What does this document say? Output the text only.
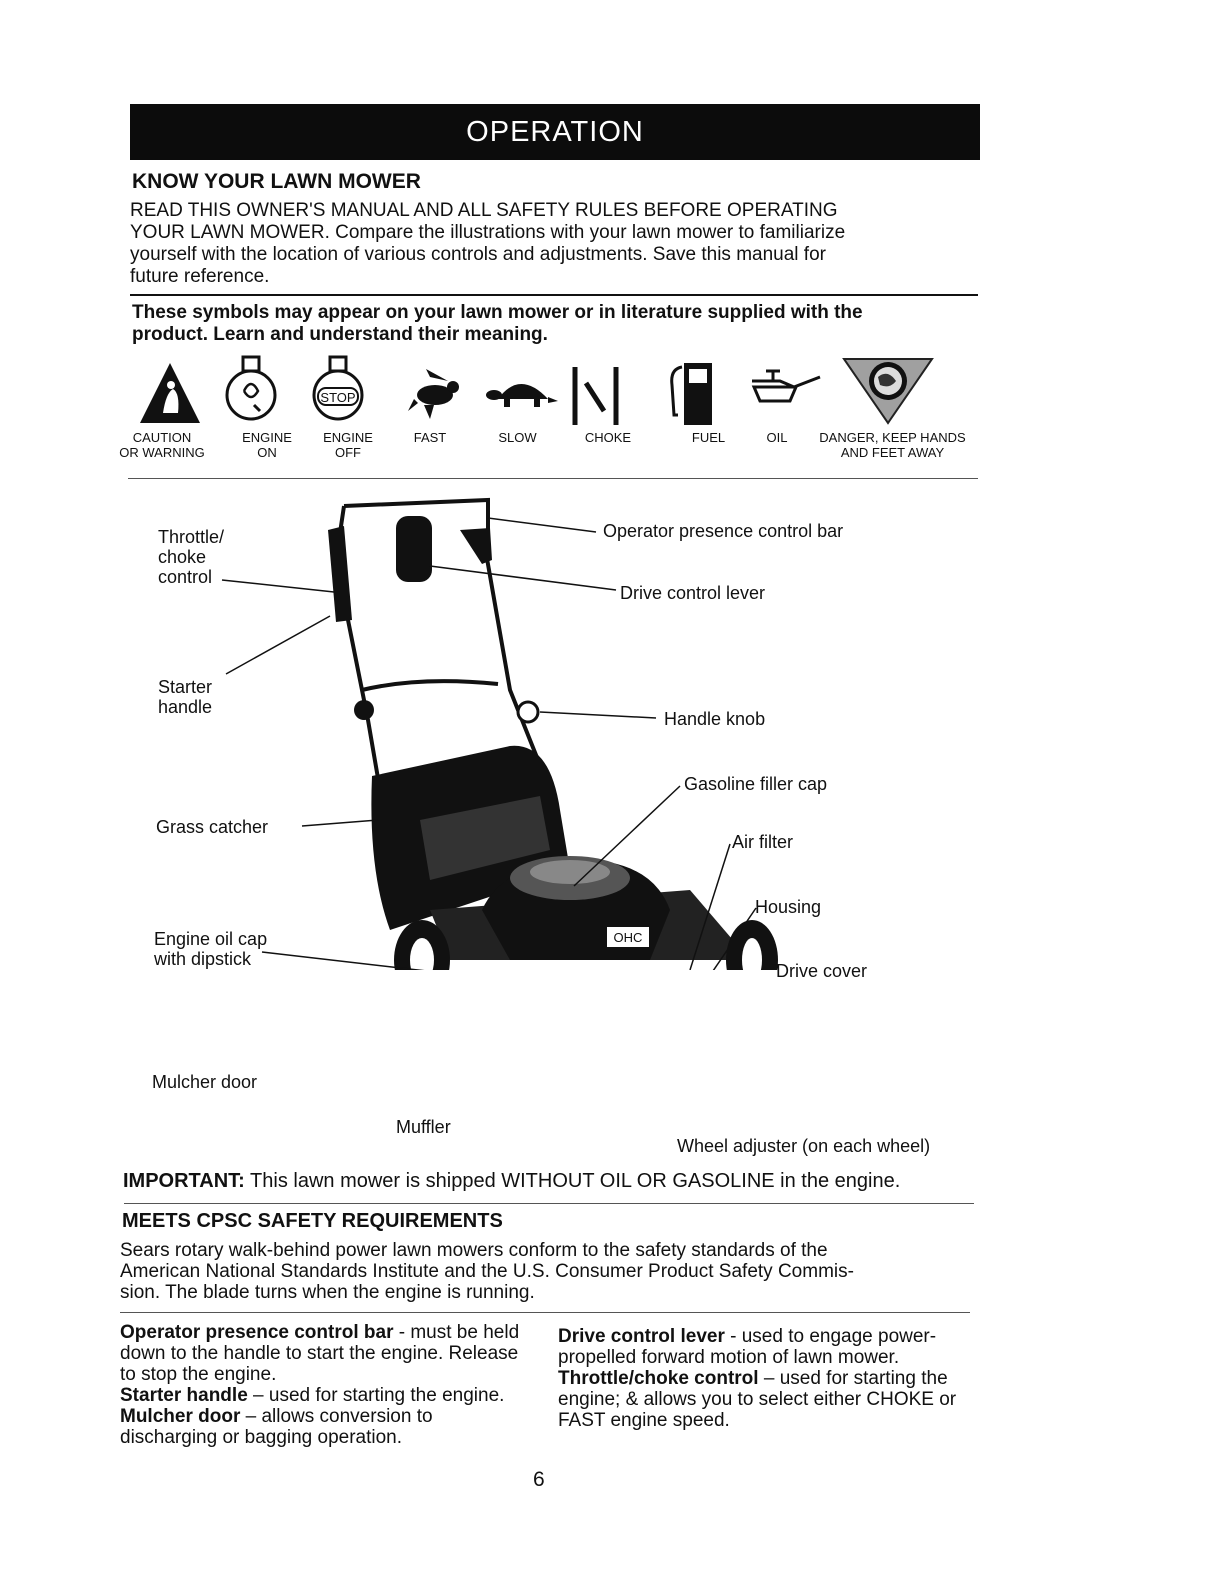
OPERATION
KNOW YOUR LAWN MOWER
READ THIS OWNER'S MANUAL AND ALL SAFETY RULES BEFORE OPERATING
YOUR LAWN MOWER. Compare the illustrations with your lawn mower to familiarize
yourself with the location of various controls and adjustments. Save this manual for
future reference.
These symbols may appear on your lawn mower or in literature supplied with the
product. Learn and understand their meaning.
STOP
CAUTION
OR WARNING
ENGINE
ON
ENGINE
OFF
FAST	SLOW	CHOKE	FUEL	OIL	DANGER, KEEP HANDS
AND FEET AWAY
OHC
Throttle/
choke
control
Starter
handle
Grass catcher
Engine oil cap
with dipstick
Mulcher door
Muffler
Operator presence control bar
Drive control lever
Handle knob
Gasoline filler cap
Air filter
Housing
Drive cover
Wheel adjuster (on each wheel)
IMPORTANT: This lawn mower is shipped WITHOUT OIL OR GASOLINE in the engine.
MEETS CPSC SAFETY REQUIREMENTS
Sears rotary walk-behind power lawn mowers conform to the safety standards of the
American National Standards Institute and the U.S. Consumer Product Safety Commis-
sion. The blade turns when the engine is running.
Operator presence control bar - must be held down to the handle to start the engine. Release to stop the engine.
Starter handle – used for starting the engine.
Mulcher door – allows conversion to discharging or bagging operation.
Drive control lever - used to engage power-propelled forward motion of lawn mower.
Throttle/choke control – used for starting the engine; & allows you to select either CHOKE or FAST engine speed.
6
